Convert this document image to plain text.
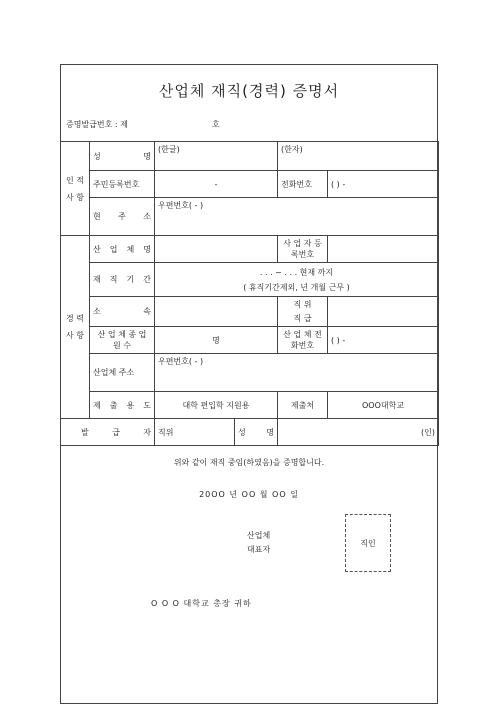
산업체 재직(경력) 증명서
증명발급번호 : 제	호
인 적 사 항	성 명	(한글)		(한자)	
	주민등록번호	-		전화번호	( ) -
	현 주 소	우편번호( - )			
경 력 사 항	산 업 체 명			사 업 자 등록번호	
	재 직 기 간	. . . ~ . . . 현재 까지
( 휴직기간제외, 년 개월 근무 )			

	소 속			직 위
직 급	

	산 업 체 종 업 원 수	명		산 업 체 전화번호	( ) -
	산업체 주소	우편번호( - )			
	제 출 용 도	대학 편입학 지원용		제출처	OOO대학교
발 급 자		직위	성 명	(인)	
위와 같이 재직 중임(하였음)을 증명합니다.
20OO 년 OO 월 OO 일
산업체
대표자
직인
O O O 대학교 총장 귀하
